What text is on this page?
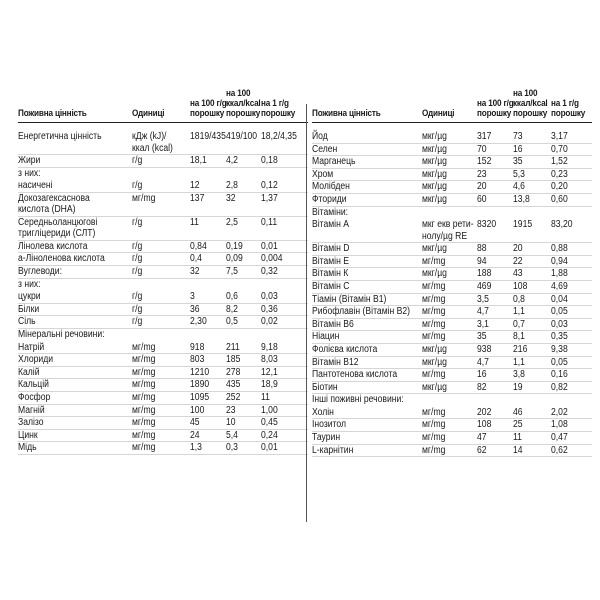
Поживна цінність	Одиниці
на 100 г/g
порошку
на 100
ккал/kcal
порошку
на 1 г/g
порошку
Енергетична цінність	кДж (kJ)/
ккал (kcal)
1819/435 419/100 18,2/4,35
Жири	г/g	18,1 4,2 0,18
з них:
насичені	г/g	12	2,8 0,12
Докозагексаснова
кислота (DHA)
мг/mg	137 32	1,37
Середньоланцюгові
тригліцериди (СЛТ)
г/g	11	2,5 0,11
Лінолева кислота	г/g	0,84 0,19 0,01
a-Ліноленова кислота	г/g	0,4 0,09 0,004
Вуглеводи:	г/g	32	7,5 0,32
з них:
цукри	г/g	3	0,6 0,03
Білки	г/g	36	8,2 0,36
Сіль	г/g	2,30 0,5 0,02
Мінеральні речовини:
Натрій	мг/mg	918 211 9,18
Хлориди	мг/mg	803 185 8,03
Калій	мг/mg	1210 278 12,1
Кальцій	мг/mg	1890 435 18,9
Фосфор	мг/mg	1095 252 11
Магній	мг/mg	100 23	1,00
Залізо	мг/mg	45	10	0,45
Цинк	мг/mg	24	5,4 0,24
Мідь	мг/mg	1,3 0,3 0,01
Поживна цінність	Одиниці
на 100 г/g
порошку
на 100
ккал/kcal
порошку
на 1 г/g
порошку
Йод	мкг/µg	317 73	3,17
Селен	мкг/µg	70	16	0,70
Марганець	мкг/µg	152 35	1,52
Хром	мкг/µg	23	5,3	0,23
Молібден	мкг/µg	20	4,6	0,20
Фториди	мкг/µg	60	13,8 0,60
Вітаміни:
Вітамін А	мкг екв рети-
нолу/µg RE
8320 1915 83,20
Вітамін D	мкг/µg	88	20	0,88
Вітамін Е	мг/mg	94	22	0,94
Вітамін К	мкг/µg	188 43	1,88
Вітамін С	мг/mg	469 108 4,69
Тіамін (Вітамін В1)	мг/mg	3,5 0,8	0,04
Рибофлавін (Вітамін В2) мг/mg	4,7 1,1	0,05
Вітамін В6	мг/mg	3,1 0,7	0,03
Ніацин	мг/mg	35	8,1	0,35
Фолієва кислота	мкг/µg	938 216 9,38
Вітамін В12	мкг/µg	4,7 1,1	0,05
Пантотенова кислота мг/mg	16	3,8	0,16
Біотин	мкг/µg	82	19	0,82
Інші поживні речовини:
Холін	мг/mg	202 46	2,02
Інозитол	мг/mg	108 25	1,08
Таурин	мг/mg	47	11	0,47
L-карнітин	мг/mg	62	14	0,62
